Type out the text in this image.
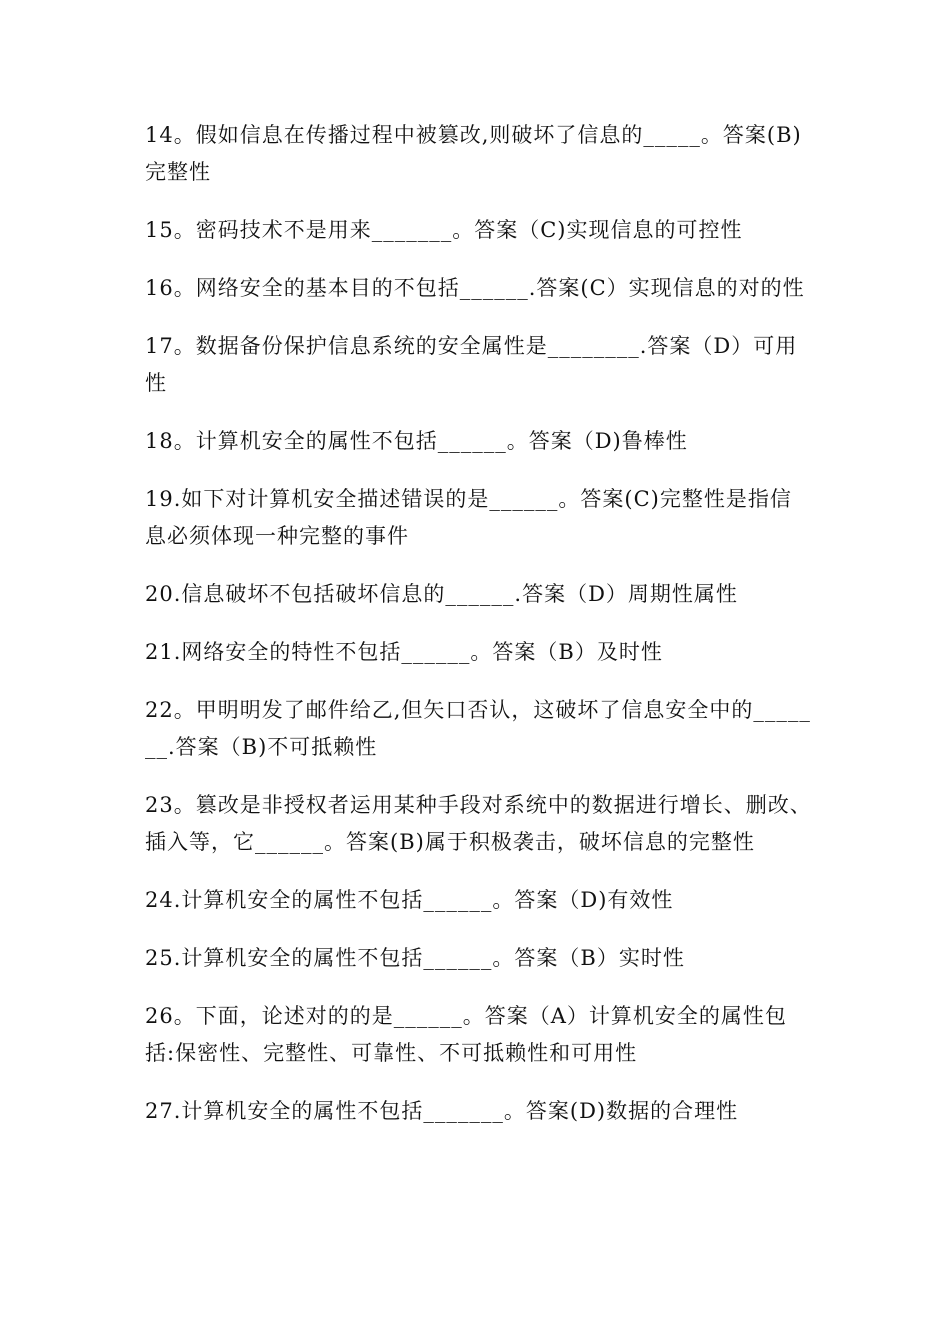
14。假如信息在传播过程中被篡改,则破坏了信息的_____。答案(B)完整性

15。密码技术不是用来_______。答案（C)实现信息的可控性

16。网络安全的基本目的不包括______.答案(C）实现信息的对的性

17。数据备份保护信息系统的安全属性是________.答案（D）可用性

18。计算机安全的属性不包括______。答案（D)鲁棒性

19.如下对计算机安全描述错误的是______。答案(C)完整性是指信息必须体现一种完整的事件

20.信息破坏不包括破坏信息的______.答案（D）周期性属性

21.网络安全的特性不包括______。答案（B）及时性

22。甲明明发了邮件给乙,但矢口否认，这破坏了信息安全中的_______.答案（B)不可抵赖性

23。篡改是非授权者运用某种手段对系统中的数据进行增长、删改、插入等，它______。答案(B)属于积极袭击，破坏信息的完整性

24.计算机安全的属性不包括______。答案（D)有效性

25.计算机安全的属性不包括______。答案（B）实时性

26。下面，论述对的的是______。答案（A）计算机安全的属性包括:保密性、完整性、可靠性、不可抵赖性和可用性

27.计算机安全的属性不包括_______。答案(D)数据的合理性
